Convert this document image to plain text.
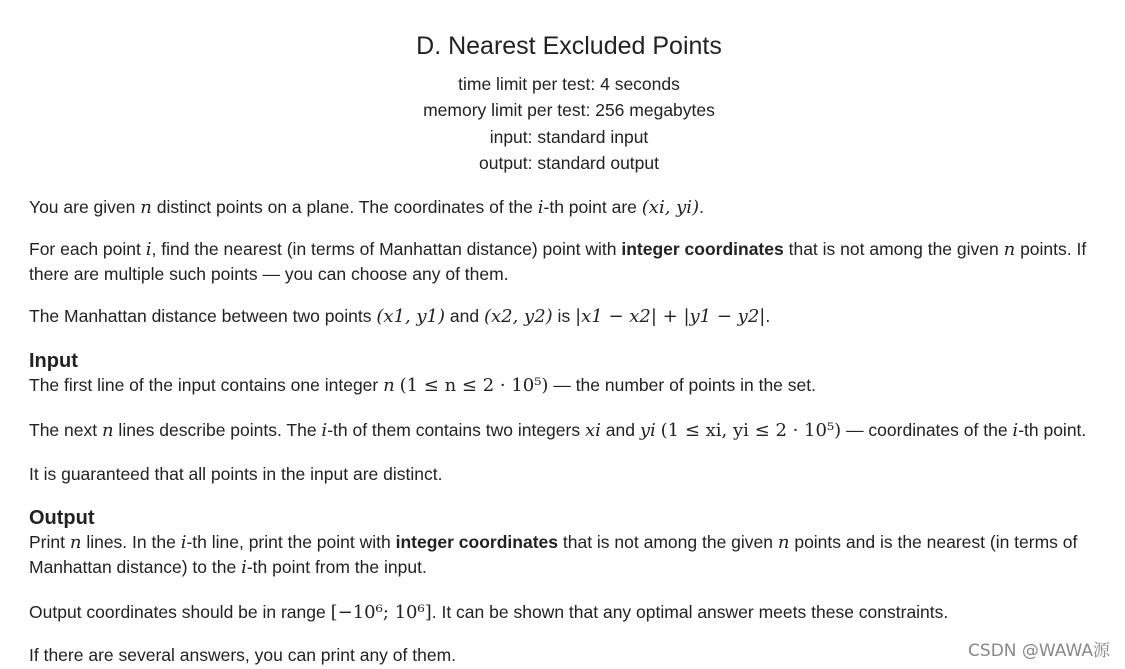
D. Nearest Excluded Points
time limit per test: 4 seconds
memory limit per test: 256 megabytes
input: standard input
output: standard output

You are given n distinct points on a plane. The coordinates of the i-th point are (xi, yi).

For each point i, find the nearest (in terms of Manhattan distance) point with integer coordinates that is not among the given n points. If there are multiple such points — you can choose any of them.

The Manhattan distance between two points (x1, y1) and (x2, y2) is |x1 − x2| + |y1 − y2|.

Input

The first line of the input contains one integer n (1 ≤ n ≤ 2 · 10⁵) — the number of points in the set.

The next n lines describe points. The i-th of them contains two integers xi and yi (1 ≤ xi, yi ≤ 2 · 10⁵) — coordinates of the i-th point.

It is guaranteed that all points in the input are distinct.

Output

Print n lines. In the i-th line, print the point with integer coordinates that is not among the given n points and is the nearest (in terms of Manhattan distance) to the i-th point from the input.

Output coordinates should be in range [−10⁶; 10⁶]. It can be shown that any optimal answer meets these constraints.

If there are several answers, you can print any of them.	CSDN @WAWA源
